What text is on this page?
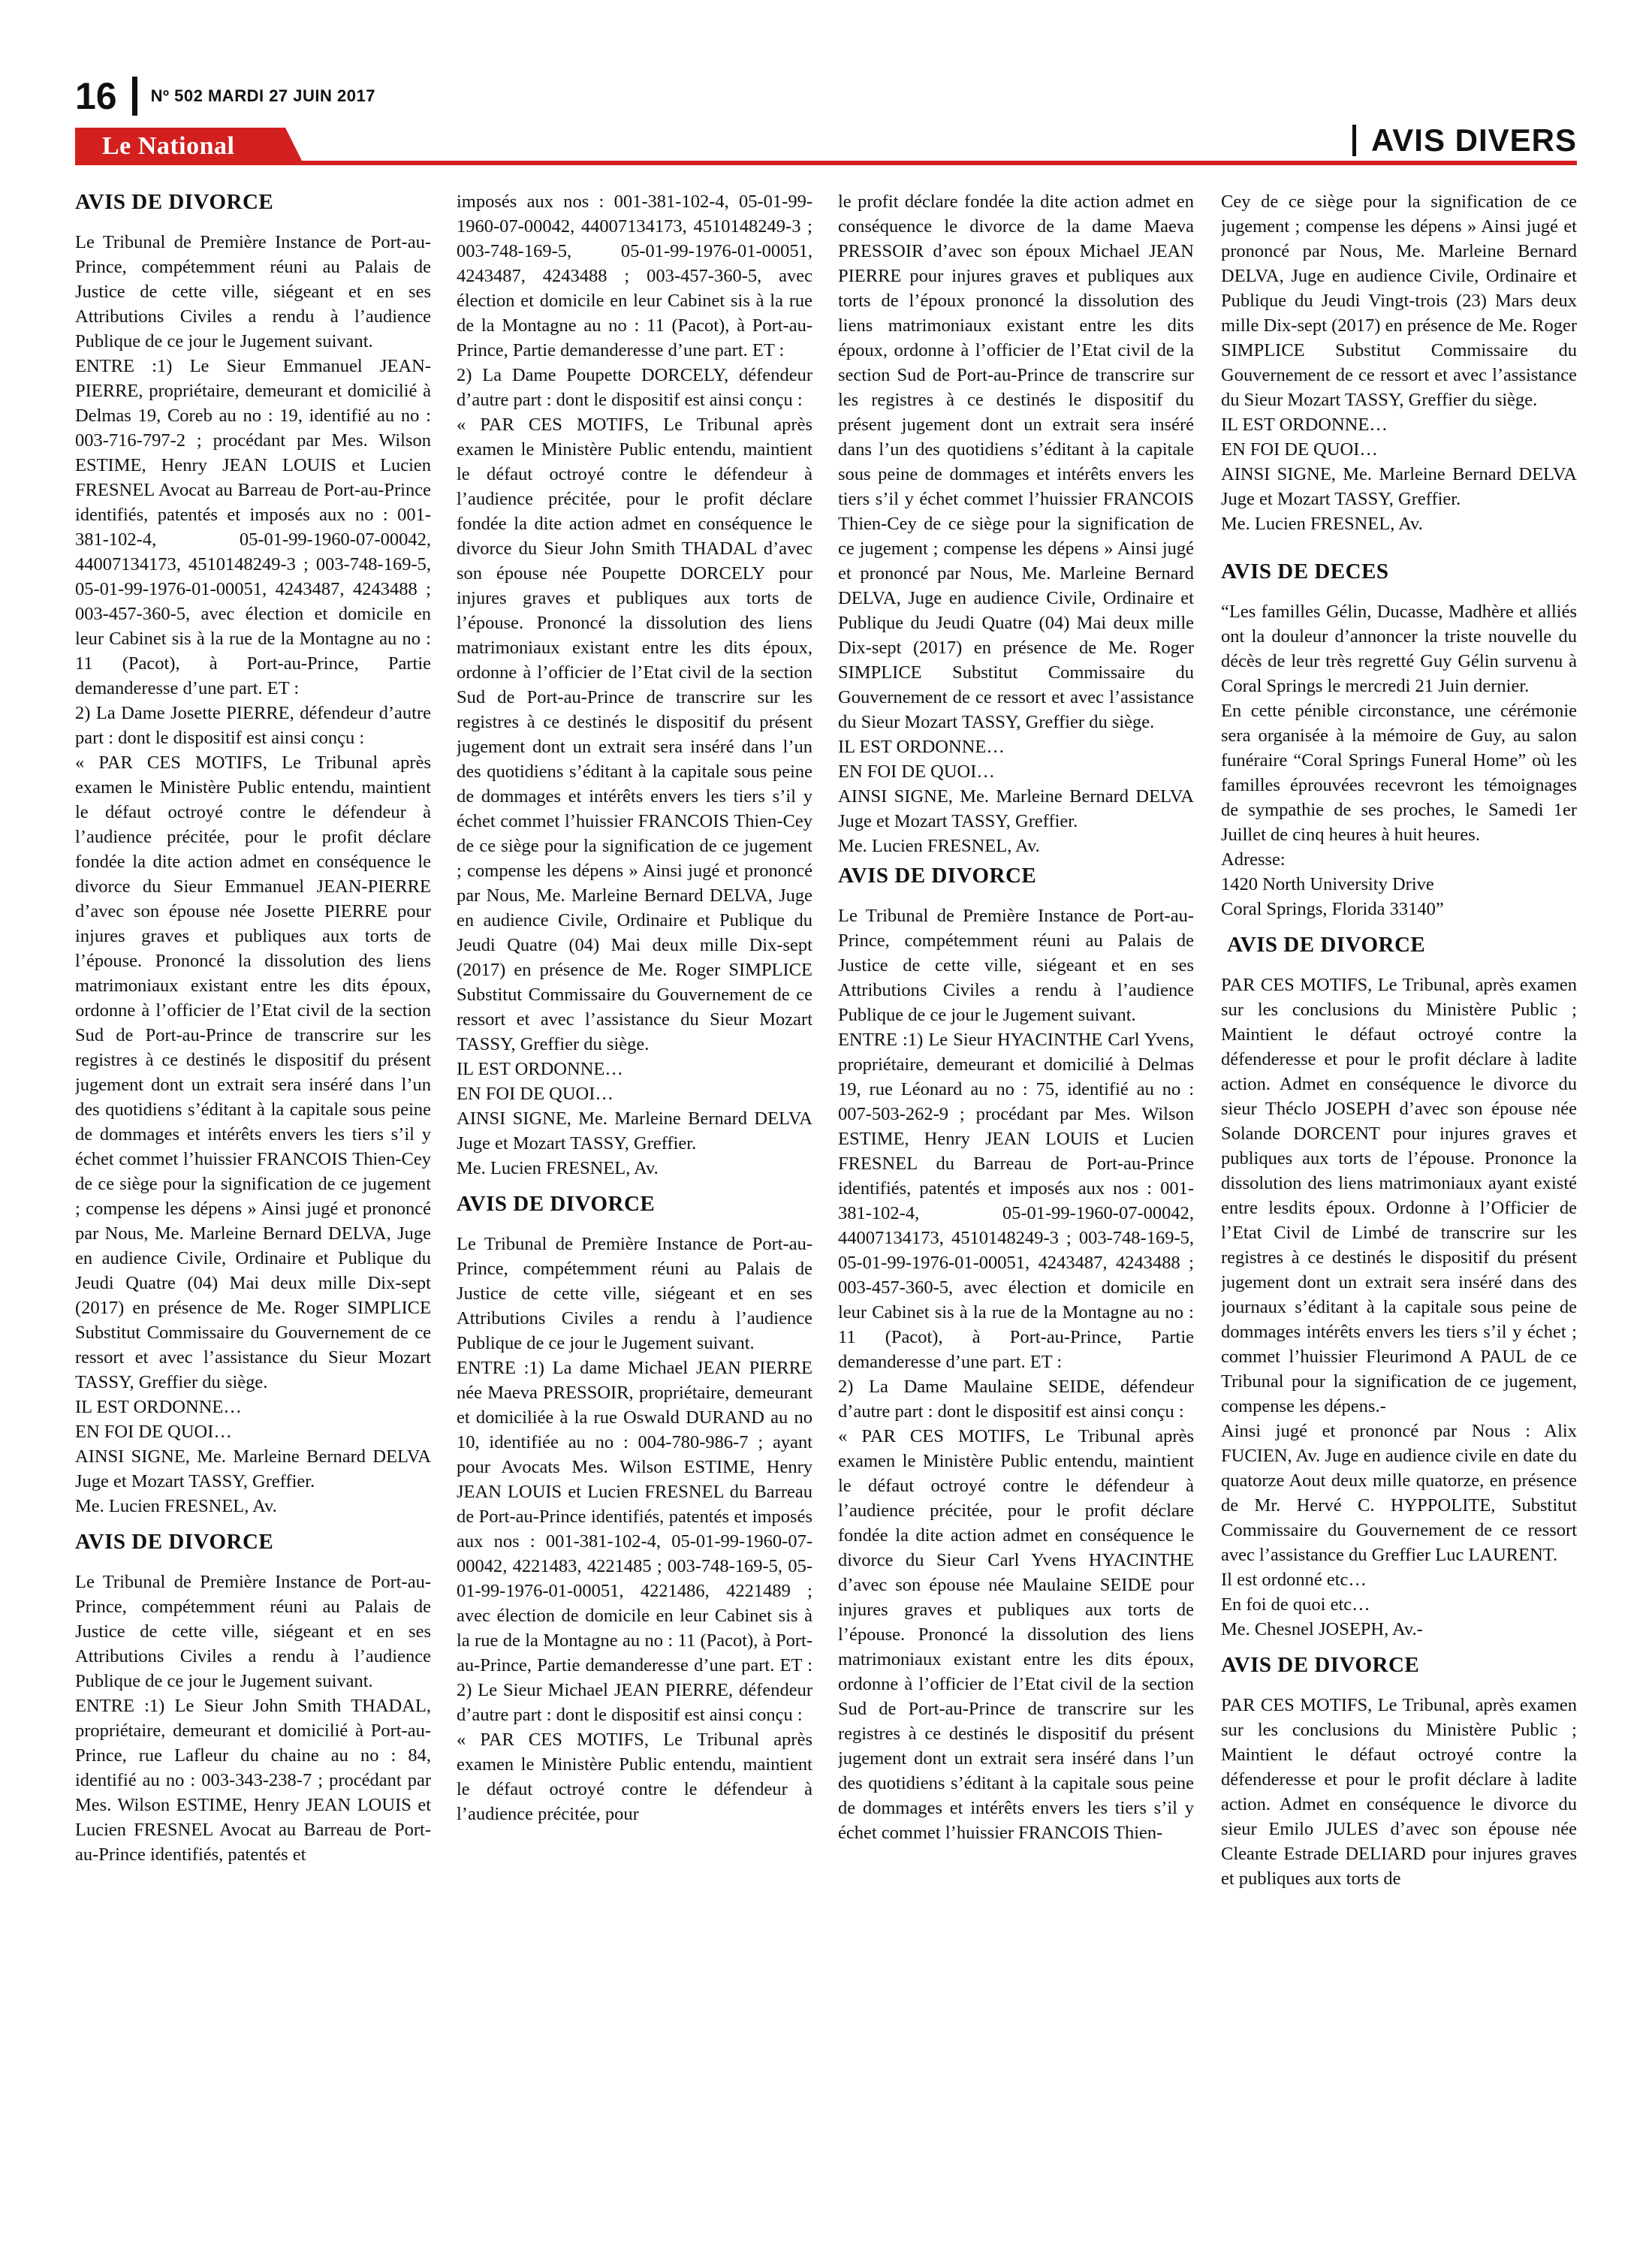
16 Nº 502 MARDI 27 JUIN 2017
Le National	AVIS DIVERS
AVIS DE DIVORCE

Le Tribunal de Première Instance de Port-au-Prince, compétemment réuni au Palais de Justice de cette ville, siégeant et en ses Attributions Civiles a rendu à l’audience Publique de ce jour le Jugement suivant.

ENTRE :1) Le Sieur Emmanuel JEAN-PIERRE, propriétaire, demeurant et domicilié à Delmas 19, Coreb au no : 19, identifié au no : 003-716-797-2 ; procédant par Mes. Wilson ESTIME, Henry JEAN LOUIS et Lucien FRESNEL Avocat au Barreau de Port-au-Prince identifiés, patentés et imposés aux no : 001-381-102-4, 05-01-99-1960-07-00042, 44007134173, 4510148249-3 ; 003-748-169-5, 05-01-99-1976-01-00051, 4243487, 4243488 ; 003-457-360-5, avec élection et domicile en leur Cabinet sis à la rue de la Montagne au no : 11 (Pacot), à Port-au-Prince, Partie demanderesse d’une part. ET :

2) La Dame Josette PIERRE, défendeur d’autre part : dont le dispositif est ainsi conçu :

« PAR CES MOTIFS, Le Tribunal après examen le Ministère Public entendu, maintient le défaut octroyé contre le défendeur à l’audience précitée, pour le profit déclare fondée la dite action admet en conséquence le divorce du Sieur Emmanuel JEAN-PIERRE d’avec son épouse née Josette PIERRE pour injures graves et publiques aux torts de l’épouse. Prononcé la dissolution des liens matrimoniaux existant entre les dits époux, ordonne à l’officier de l’Etat civil de la section Sud de Port-au-Prince de transcrire sur les registres à ce destinés le dispositif du présent jugement dont un extrait sera inséré dans l’un des quotidiens s’éditant à la capitale sous peine de dommages et intérêts envers les tiers s’il y échet commet l’huissier FRANCOIS Thien-Cey de ce siège pour la signification de ce jugement ; compense les dépens » Ainsi jugé et prononcé par Nous, Me. Marleine Bernard DELVA, Juge en audience Civile, Ordinaire et Publique du Jeudi Quatre (04) Mai deux mille Dix-sept (2017) en présence de Me. Roger SIMPLICE Substitut Commissaire du Gouvernement de ce ressort et avec l’assistance du Sieur Mozart TASSY, Greffier du siège.

IL EST ORDONNE…

EN FOI DE QUOI…

AINSI SIGNE, Me. Marleine Bernard DELVA Juge et Mozart TASSY, Greffier.

Me. Lucien FRESNEL, Av.

AVIS DE DIVORCE

Le Tribunal de Première Instance de Port-au-Prince, compétemment réuni au Palais de Justice de cette ville, siégeant et en ses Attributions Civiles a rendu à l’audience Publique de ce jour le Jugement suivant.

ENTRE :1) Le Sieur John Smith THADAL, propriétaire, demeurant et domicilié à Port-au-Prince, rue Lafleur du chaine au no : 84, identifié au no : 003-343-238-7 ; procédant par Mes. Wilson ESTIME, Henry JEAN LOUIS et Lucien FRESNEL Avocat au Barreau de Port-au-Prince identifiés, patentés et

imposés aux nos : 001-381-102-4, 05-01-99-1960-07-00042, 44007134173, 4510148249-3 ; 003-748-169-5, 05-01-99-1976-01-00051, 4243487, 4243488 ; 003-457-360-5, avec élection et domicile en leur Cabinet sis à la rue de la Montagne au no : 11 (Pacot), à Port-au-Prince, Partie demanderesse d’une part. ET :

2) La Dame Poupette DORCELY, défendeur d’autre part : dont le dispositif est ainsi conçu :

« PAR CES MOTIFS, Le Tribunal après examen le Ministère Public entendu, maintient le défaut octroyé contre le défendeur à l’audience précitée, pour le profit déclare fondée la dite action admet en conséquence le divorce du Sieur John Smith THADAL d’avec son épouse née Poupette DORCELY pour injures graves et publiques aux torts de l’épouse. Prononcé la dissolution des liens matrimoniaux existant entre les dits époux, ordonne à l’officier de l’Etat civil de la section Sud de Port-au-Prince de transcrire sur les registres à ce destinés le dispositif du présent jugement dont un extrait sera inséré dans l’un des quotidiens s’éditant à la capitale sous peine de dommages et intérêts envers les tiers s’il y échet commet l’huissier FRANCOIS Thien-Cey de ce siège pour la signification de ce jugement ; compense les dépens » Ainsi jugé et prononcé par Nous, Me. Marleine Bernard DELVA, Juge en audience Civile, Ordinaire et Publique du Jeudi Quatre (04) Mai deux mille Dix-sept (2017) en présence de Me. Roger SIMPLICE Substitut Commissaire du Gouvernement de ce ressort et avec l’assistance du Sieur Mozart TASSY, Greffier du siège.

IL EST ORDONNE…

EN FOI DE QUOI…

AINSI SIGNE, Me. Marleine Bernard DELVA Juge et Mozart TASSY, Greffier.

Me. Lucien FRESNEL, Av.

AVIS DE DIVORCE

Le Tribunal de Première Instance de Port-au-Prince, compétemment réuni au Palais de Justice de cette ville, siégeant et en ses Attributions Civiles a rendu à l’audience Publique de ce jour le Jugement suivant.

ENTRE :1) La dame Michael JEAN PIERRE née Maeva PRESSOIR, propriétaire, demeurant et domiciliée à la rue Oswald DURAND au no 10, identifiée au no : 004-780-986-7 ; ayant pour Avocats Mes. Wilson ESTIME, Henry JEAN LOUIS et Lucien FRESNEL du Barreau de Port-au-Prince identifiés, patentés et imposés aux nos : 001-381-102-4, 05-01-99-1960-07-00042, 4221483, 4221485 ; 003-748-169-5, 05-01-99-1976-01-00051, 4221486, 4221489 ; avec élection de domicile en leur Cabinet sis à la rue de la Montagne au no : 11 (Pacot), à Port-au-Prince, Partie demanderesse d’une part. ET : 2) Le Sieur Michael JEAN PIERRE, défendeur d’autre part : dont le dispositif est ainsi conçu :

« PAR CES MOTIFS, Le Tribunal après examen le Ministère Public entendu, maintient le défaut octroyé contre le défendeur à l’audience précitée, pour

le profit déclare fondée la dite action admet en conséquence le divorce de la dame Maeva PRESSOIR d’avec son époux Michael JEAN PIERRE pour injures graves et publiques aux torts de l’époux prononcé la dissolution des liens matrimoniaux existant entre les dits époux, ordonne à l’officier de l’Etat civil de la section Sud de Port-au-Prince de transcrire sur les registres à ce destinés le dispositif du présent jugement dont un extrait sera inséré dans l’un des quotidiens s’éditant à la capitale sous peine de dommages et intérêts envers les tiers s’il y échet commet l’huissier FRANCOIS Thien-Cey de ce siège pour la signification de ce jugement ; compense les dépens » Ainsi jugé et prononcé par Nous, Me. Marleine Bernard DELVA, Juge en audience Civile, Ordinaire et Publique du Jeudi Quatre (04) Mai deux mille Dix-sept (2017) en présence de Me. Roger SIMPLICE Substitut Commissaire du Gouvernement de ce ressort et avec l’assistance du Sieur Mozart TASSY, Greffier du siège.

IL EST ORDONNE…

EN FOI DE QUOI…

AINSI SIGNE, Me. Marleine Bernard DELVA Juge et Mozart TASSY, Greffier.

Me. Lucien FRESNEL, Av.

AVIS DE DIVORCE

Le Tribunal de Première Instance de Port-au-Prince, compétemment réuni au Palais de Justice de cette ville, siégeant et en ses Attributions Civiles a rendu à l’audience Publique de ce jour le Jugement suivant.

ENTRE :1) Le Sieur HYACINTHE Carl Yvens, propriétaire, demeurant et domicilié à Delmas 19, rue Léonard au no : 75, identifié au no : 007-503-262-9 ; procédant par Mes. Wilson ESTIME, Henry JEAN LOUIS et Lucien FRESNEL du Barreau de Port-au-Prince identifiés, patentés et imposés aux nos : 001-381-102-4, 05-01-99-1960-07-00042, 44007134173, 4510148249-3 ; 003-748-169-5, 05-01-99-1976-01-00051, 4243487, 4243488 ; 003-457-360-5, avec élection et domicile en leur Cabinet sis à la rue de la Montagne au no : 11 (Pacot), à Port-au-Prince, Partie demanderesse d’une part. ET :

2) La Dame Maulaine SEIDE, défendeur d’autre part : dont le dispositif est ainsi conçu :

« PAR CES MOTIFS, Le Tribunal après examen le Ministère Public entendu, maintient le défaut octroyé contre le défendeur à l’audience précitée, pour le profit déclare fondée la dite action admet en conséquence le divorce du Sieur Carl Yvens HYACINTHE d’avec son épouse née Maulaine SEIDE pour injures graves et publiques aux torts de l’épouse. Prononcé la dissolution des liens matrimoniaux existant entre les dits époux, ordonne à l’officier de l’Etat civil de la section Sud de Port-au-Prince de transcrire sur les registres à ce destinés le dispositif du présent jugement dont un extrait sera inséré dans l’un des quotidiens s’éditant à la capitale sous peine de dommages et intérêts envers les tiers s’il y échet commet l’huissier FRANCOIS Thien-

Cey de ce siège pour la signification de ce jugement ; compense les dépens » Ainsi jugé et prononcé par Nous, Me. Marleine Bernard DELVA, Juge en audience Civile, Ordinaire et Publique du Jeudi Vingt-trois (23) Mars deux mille Dix-sept (2017) en présence de Me. Roger SIMPLICE Substitut Commissaire du Gouvernement de ce ressort et avec l’assistance du Sieur Mozart TASSY, Greffier du siège.

IL EST ORDONNE…

EN FOI DE QUOI…

AINSI SIGNE, Me. Marleine Bernard DELVA Juge et Mozart TASSY, Greffier.

Me. Lucien FRESNEL, Av.

AVIS DE DECES

“Les familles Gélin, Ducasse, Madhère et alliés ont la douleur d’annoncer la triste nouvelle du décès de leur très regretté Guy Gélin survenu à Coral Springs le mercredi 21 Juin dernier.

En cette pénible circonstance, une cérémonie sera organisée à la mémoire de Guy, au salon funéraire “Coral Springs Funeral Home” où les familles éprouvées recevront les témoignages de sympathie de ses proches, le Samedi 1er Juillet de cinq heures à huit heures.

Adresse:

1420 North University Drive

Coral Springs, Florida 33140”

AVIS DE DIVORCE

PAR CES MOTIFS, Le Tribunal, après examen sur les conclusions du Ministère Public ; Maintient le défaut octroyé contre la défenderesse et pour le profit déclare à ladite action. Admet en conséquence le divorce du sieur Théclo JOSEPH d’avec son épouse née Solande DORCENT pour injures graves et publiques aux torts de l’épouse. Prononce la dissolution des liens matrimoniaux ayant existé entre lesdits époux. Ordonne à l’Officier de l’Etat Civil de Limbé de transcrire sur les registres à ce destinés le dispositif du présent jugement dont un extrait sera inséré dans des journaux s’éditant à la capitale sous peine de dommages intérêts envers les tiers s’il y échet ; commet l’huissier Fleurimond A PAUL de ce Tribunal pour la signification de ce jugement, compense les dépens.-

Ainsi jugé et prononcé par Nous : Alix FUCIEN, Av. Juge en audience civile en date du quatorze Aout deux mille quatorze, en présence de Mr. Hervé C. HYPPOLITE, Substitut Commissaire du Gouvernement de ce ressort avec l’assistance du Greffier Luc LAURENT.

Il est ordonné etc…

En foi de quoi etc…

Me. Chesnel JOSEPH, Av.-

AVIS DE DIVORCE

PAR CES MOTIFS, Le Tribunal, après examen sur les conclusions du Ministère Public ; Maintient le défaut octroyé contre la défenderesse et pour le profit déclare à ladite action. Admet en conséquence le divorce du sieur Emilo JULES d’avec son épouse née Cleante Estrade DELIARD pour injures graves et publiques aux torts de
